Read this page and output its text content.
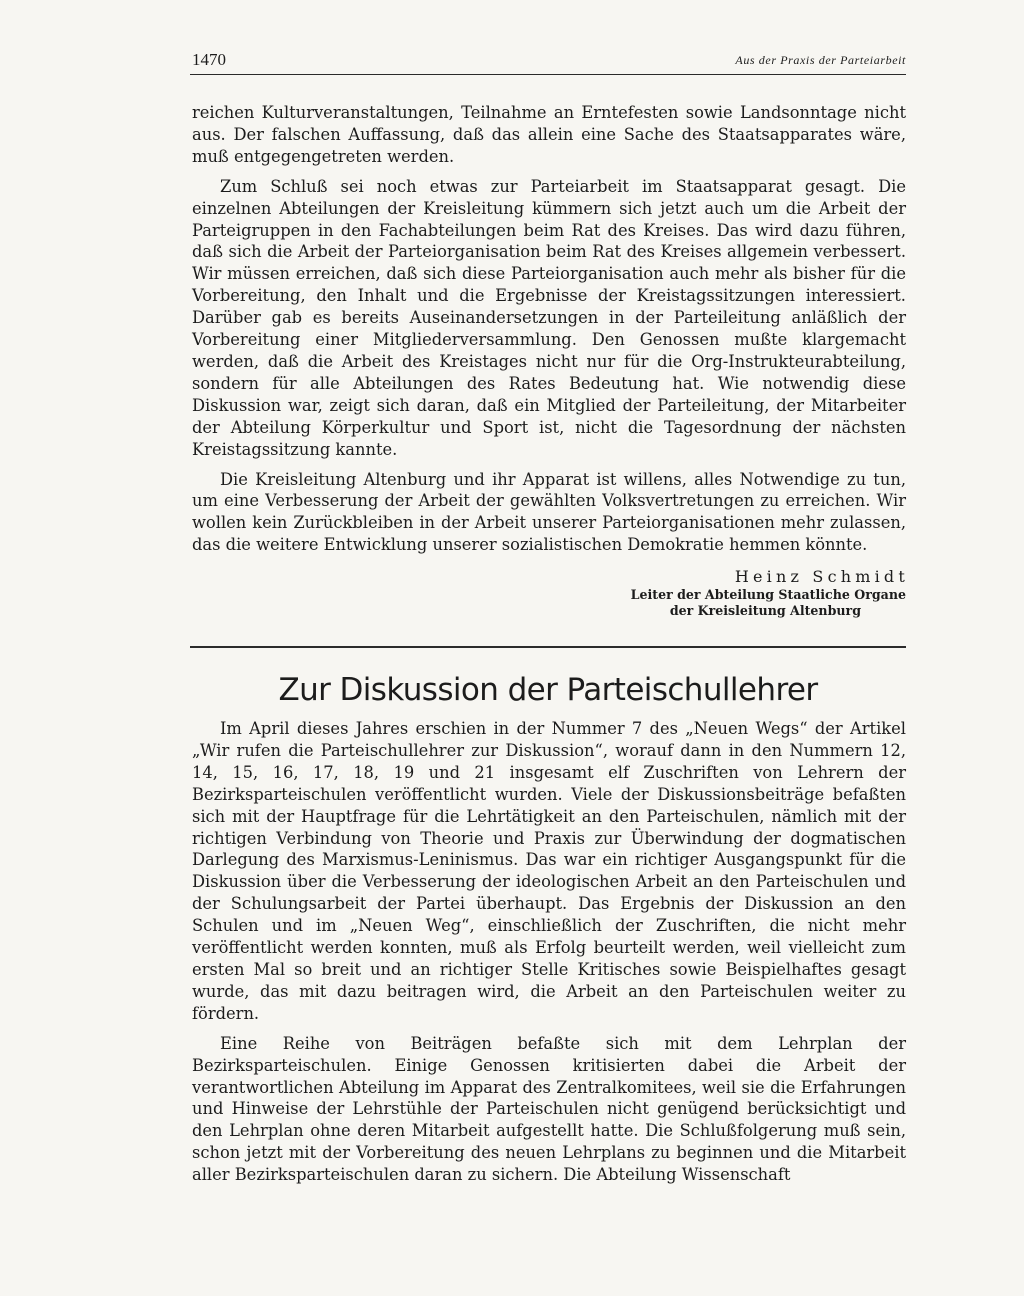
1470	Aus der Praxis der Parteiarbeit

reichen Kulturveranstaltungen, Teilnahme an Erntefesten sowie Landsonntage nicht aus. Der falschen Auffassung, daß das allein eine Sache des Staatsapparates wäre, muß entgegengetreten werden.

Zum Schluß sei noch etwas zur Parteiarbeit im Staatsapparat gesagt. Die einzelnen Abteilungen der Kreisleitung kümmern sich jetzt auch um die Arbeit der Parteigruppen in den Fachabteilungen beim Rat des Kreises. Das wird dazu führen, daß sich die Arbeit der Parteiorganisation beim Rat des Kreises allgemein verbessert. Wir müssen erreichen, daß sich diese Parteiorganisation auch mehr als bisher für die Vorbereitung, den Inhalt und die Ergebnisse der Kreistagssitzungen interessiert. Darüber gab es bereits Auseinandersetzungen in der Parteileitung anläßlich der Vorbereitung einer Mitgliederversammlung. Den Genossen mußte klargemacht werden, daß die Arbeit des Kreistages nicht nur für die Org-Instrukteurabteilung, sondern für alle Abteilungen des Rates Bedeutung hat. Wie notwendig diese Diskussion war, zeigt sich daran, daß ein Mitglied der Parteileitung, der Mitarbeiter der Abteilung Körperkultur und Sport ist, nicht die Tagesordnung der nächsten Kreistagssitzung kannte.

Die Kreisleitung Altenburg und ihr Apparat ist willens, alles Notwendige zu tun, um eine Verbesserung der Arbeit der gewählten Volksvertretungen zu erreichen. Wir wollen kein Zurückbleiben in der Arbeit unserer Parteiorganisationen mehr zulassen, das die weitere Entwicklung unserer sozialistischen Demokratie hemmen könnte.

Heinz Schmidt
Leiter der Abteilung Staatliche Organe
der Kreisleitung Altenburg
Zur Diskussion der Parteischullehrer

Im April dieses Jahres erschien in der Nummer 7 des „Neuen Wegs“ der Artikel „Wir rufen die Parteischullehrer zur Diskussion“, worauf dann in den Nummern 12, 14, 15, 16, 17, 18, 19 und 21 insgesamt elf Zuschriften von Lehrern der Bezirksparteischulen veröffentlicht wurden. Viele der Diskussionsbeiträge befaßten sich mit der Hauptfrage für die Lehrtätigkeit an den Parteischulen, nämlich mit der richtigen Verbindung von Theorie und Praxis zur Überwindung der dogmatischen Darlegung des Marxismus-Leninismus. Das war ein richtiger Ausgangspunkt für die Diskussion über die Verbesserung der ideologischen Arbeit an den Parteischulen und der Schulungsarbeit der Partei überhaupt. Das Ergebnis der Diskussion an den Schulen und im „Neuen Weg“, einschließlich der Zuschriften, die nicht mehr veröffentlicht werden konnten, muß als Erfolg beurteilt werden, weil vielleicht zum ersten Mal so breit und an richtiger Stelle Kritisches sowie Beispielhaftes gesagt wurde, das mit dazu beitragen wird, die Arbeit an den Parteischulen weiter zu fördern.

Eine Reihe von Beiträgen befaßte sich mit dem Lehrplan der Bezirksparteischulen. Einige Genossen kritisierten dabei die Arbeit der verantwortlichen Abteilung im Apparat des Zentralkomitees, weil sie die Erfahrungen und Hinweise der Lehrstühle der Parteischulen nicht genügend berücksichtigt und den Lehrplan ohne deren Mitarbeit aufgestellt hatte. Die Schlußfolgerung muß sein, schon jetzt mit der Vorbereitung des neuen Lehrplans zu beginnen und die Mitarbeit aller Bezirksparteischulen daran zu sichern. Die Abteilung Wissenschaft
